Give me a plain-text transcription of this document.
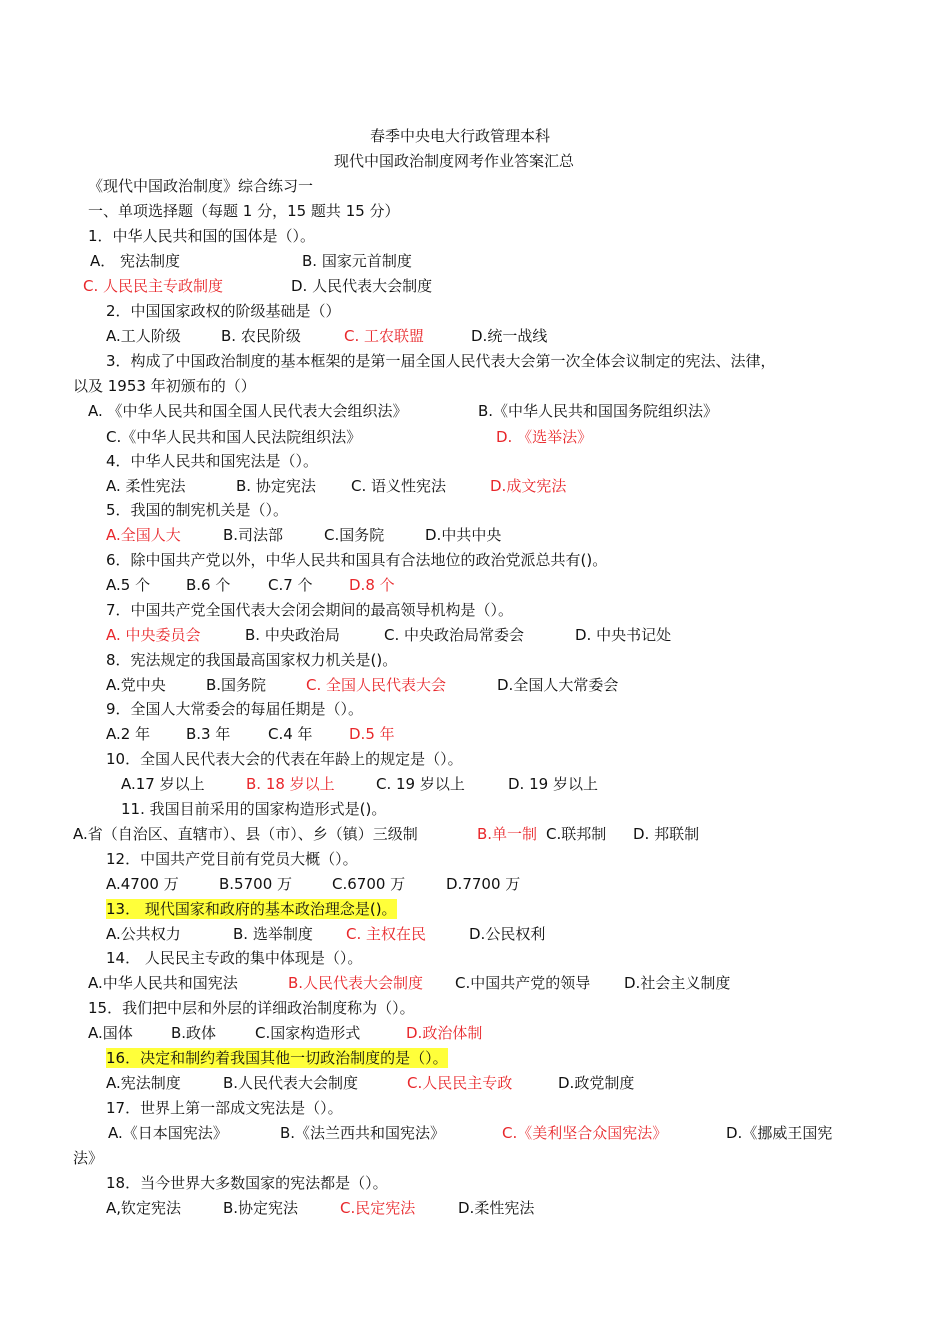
春季中央电大行政管理本科
现代中国政治制度网考作业答案汇总
《现代中国政治制度》综合练习一
一、单项选择题（每题 1 分，15 题共 15 分）
1．中华人民共和国的国体是（）。
A． 宪法制度	B. 国家元首制度
C. 人民民主专政制度	D. 人民代表大会制度
2．中国国家政权的阶级基础是（）
A.工人阶级	B. 农民阶级	C. 工农联盟	D.统一战线
3．构成了中国政治制度的基本框架的是第一届全国人民代表大会第一次全体会议制定的宪法、法律，
以及 1953 年初颁布的（）
A. 《中华人民共和国全国人民代表大会组织法》	B.《中华人民共和国国务院组织法》
C.《中华人民共和国人民法院组织法》	D. 《选举法》
4．中华人民共和国宪法是（）。
A. 柔性宪法	B. 协定宪法 C. 语义性宪法	D.成文宪法
5．我国的制宪机关是（）。
A.全国人大	B.司法部	C.国务院	D.中共中央
6．除中国共产党以外，中华人民共和国具有合法地位的政治党派总共有()。
A.5 个 B.6 个	C.7 个 D.8 个
7．中国共产党全国代表大会闭会期间的最高领导机构是（）。
A. 中央委员会	B. 中央政治局	C. 中央政治局常委会	D. 中央书记处
8．宪法规定的我国最高国家权力机关是()。
A.党中央	B.国务院	C. 全国人民代表大会	D.全国人大常委会
9．全国人大常委会的每届任期是（）。
A.2 年 B.3 年	C.4 年 D.5 年
10．全国人民代表大会的代表在年龄上的规定是（）。
A.17 岁以上	B. 18 岁以上	C. 19 岁以上	D. 19 岁以上
11. 我国目前采用的国家构造形式是()。
A.省（自治区、直辖市）、县（市）、乡（镇）三级制	B.单一制 C.联邦制 D. 邦联制
12．中国共产党目前有党员大概（）。
A.4700 万	B.5700 万	C.6700 万	D.7700 万
13． 现代国家和政府的基本政治理念是()。
A.公共权力	B. 选举制度 C. 主权在民	D.公民权利
14． 人民民主专政的集中体现是（）。
A.中华人民共和国宪法	B.人民代表大会制度 C.中国共产党的领导 D.社会主义制度
15．我们把中层和外层的详细政治制度称为（）。
A.国体	B.政体	C.国家构造形式	D.政治体制
16．决定和制约着我国其他一切政治制度的是（）。
A.宪法制度	B.人民代表大会制度	C.人民民主专政	D.政党制度
17．世界上第一部成文宪法是（）。
A.《日本国宪法》	B.《法兰西共和国宪法》	C.《美利坚合众国宪法》	D.《挪威王国宪
法》
18．当今世界大多数国家的宪法都是（）。
A,钦定宪法	B.协定宪法	C.民定宪法	D.柔性宪法
